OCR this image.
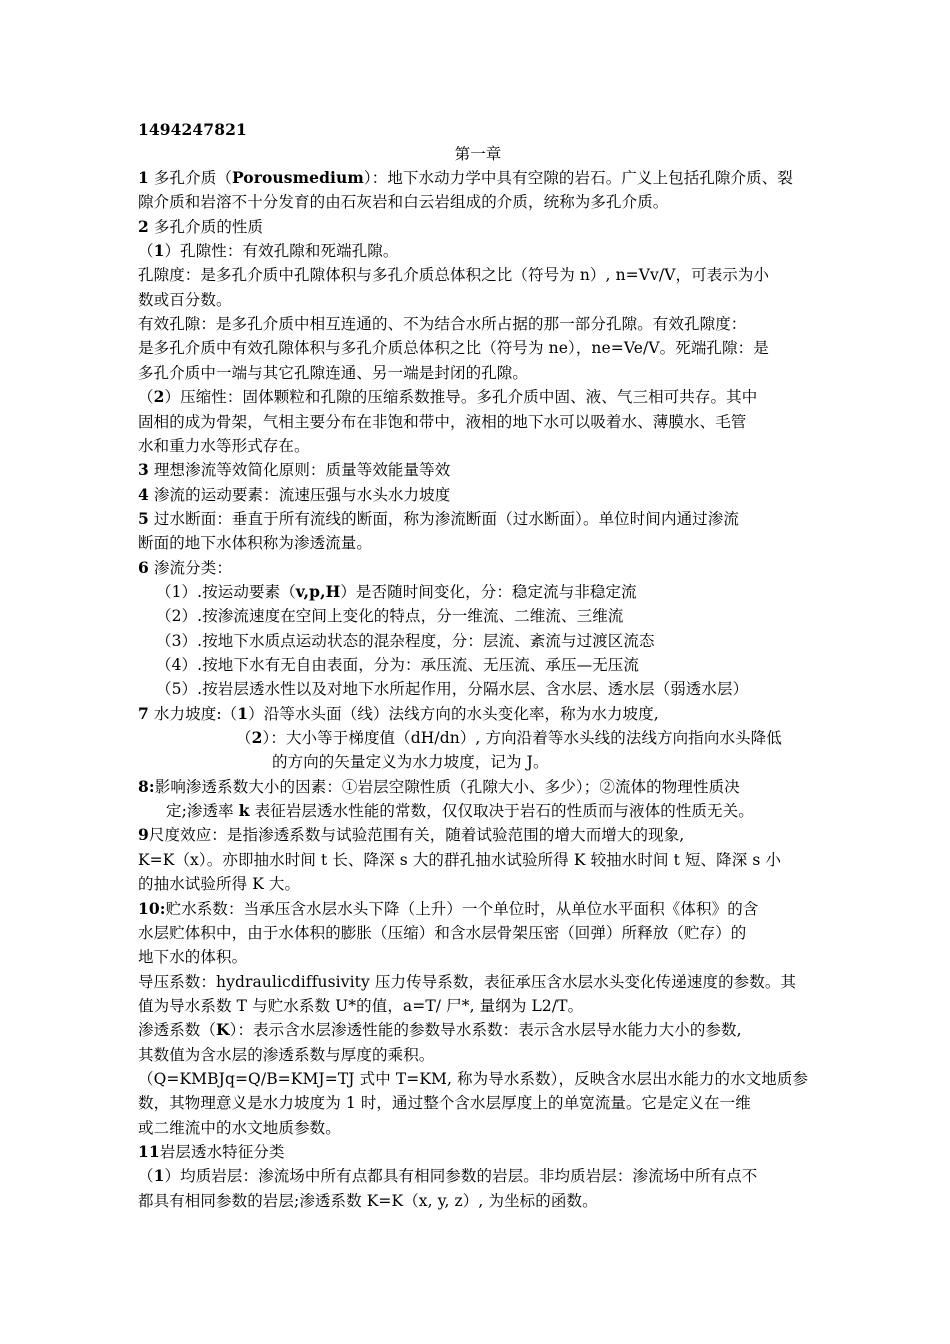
1494247821
第一章
1 多孔介质（Porousmedium）：地下水动力学中具有空隙的岩石。广义上包括孔隙介质、裂
隙介质和岩溶不十分发育的由石灰岩和白云岩组成的介质，统称为多孔介质。
2 多孔介质的性质
（1）孔隙性：有效孔隙和死端孔隙。
孔隙度：是多孔介质中孔隙体积与多孔介质总体积之比（符号为 n）, n=Vv/V，可表示为小
数或百分数。
有效孔隙：是多孔介质中相互连通的、不为结合水所占据的那一部分孔隙。有效孔隙度：
是多孔介质中有效孔隙体积与多孔介质总体积之比（符号为 ne），ne=Ve/V。死端孔隙：是
多孔介质中一端与其它孔隙连通、另一端是封闭的孔隙。
（2）压缩性：固体颗粒和孔隙的压缩系数推导。多孔介质中固、液、气三相可共存。其中
固相的成为骨架，气相主要分布在非饱和带中，液相的地下水可以吸着水、薄膜水、毛管
水和重力水等形式存在。
3 理想渗流等效简化原则：质量等效能量等效
4 渗流的运动要素：流速压强与水头水力坡度
5 过水断面：垂直于所有流线的断面，称为渗流断面（过水断面）。单位时间内通过渗流
断面的地下水体积称为渗透流量。
6 渗流分类：
（1）.按运动要素（v,p,H）是否随时间变化，分：稳定流与非稳定流
（2）.按渗流速度在空间上变化的特点，分一维流、二维流、三维流
（3）.按地下水质点运动状态的混杂程度，分：层流、紊流与过渡区流态
（4）.按地下水有无自由表面，分为：承压流、无压流、承压—无压流
（5）.按岩层透水性以及对地下水所起作用，分隔水层、含水层、透水层（弱透水层）
7 水力坡度:（1）沿等水头面（线）法线方向的水头变化率，称为水力坡度,
（2）：大小等于梯度值（dH/dn）, 方向沿着等水头线的法线方向指向水头降低
的方向的矢量定义为水力坡度，记为 J。
8:影响渗透系数大小的因素：①岩层空隙性质（孔隙大小、多少）；②流体的物理性质决
定;渗透率 k 表征岩层透水性能的常数，仅仅取决于岩石的性质而与液体的性质无关。
9尺度效应：是指渗透系数与试验范围有关，随着试验范围的增大而增大的现象,
K=K（x）。亦即抽水时间 t 长、降深 s 大的群孔抽水试验所得 K 较抽水时间 t 短、降深 s 小
的抽水试验所得 K 大。
10:贮水系数：当承压含水层水头下降（上升）一个单位时，从单位水平面积《体积》的含
水层贮体积中，由于水体积的膨胀（压缩）和含水层骨架压密（回弹）所释放（贮存）的
地下水的体积。
导压系数：hydraulicdiffusivity 压力传导系数，表征承压含水层水头变化传递速度的参数。其
值为导水系数 T 与贮水系数 U*的值，a=T/ 尸*, 量纲为 L2/T。
渗透系数（K）：表示含水层渗透性能的参数导水系数：表示含水层导水能力大小的参数,
其数值为含水层的渗透系数与厚度的乘积。
（Q=KMBJq=Q/B=KMJ=TJ 式中 T=KM, 称为导水系数），反映含水层出水能力的水文地质参
数，其物理意义是水力坡度为 1 时，通过整个含水层厚度上的单宽流量。它是定义在一维
或二维流中的水文地质参数。
11岩层透水特征分类
（1）均质岩层：渗流场中所有点都具有相同参数的岩层。非均质岩层：渗流场中所有点不
都具有相同参数的岩层;渗透系数 K=K（x, y, z）, 为坐标的函数。
